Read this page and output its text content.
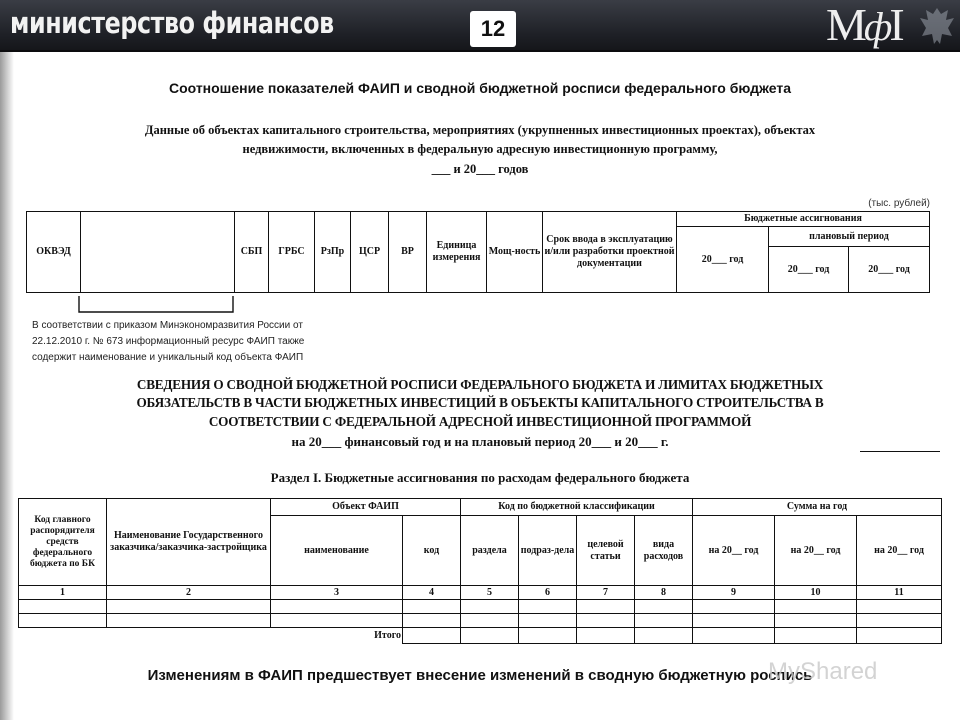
министерство финансов	12	МфІ
Соотношение показателей ФАИП и сводной бюджетной росписи федерального бюджета
Данные об объектах капитального строительства, мероприятиях (укрупненных инвестиционных проектах), объектах
недвижимости, включенных в федеральную адресную инвестиционную программу,
___ и 20___ годов
(тыс. рублей)
ОКВЭД		СБП	ГРБС	РзПр	ЦСР	ВР	Единица измерения	Мощ-ность	Срок ввода в эксплуатацию и/или разработки проектной документации	Бюджетные ассигнования		
										20___ год	плановый период	
											20___ год	20___ год
В соответствии с приказом Минэкономразвития России от
22.12.2010 г. № 673 информационный ресурс ФАИП также
содержит наименование и уникальный код объекта ФАИП
СВЕДЕНИЯ О СВОДНОЙ БЮДЖЕТНОЙ РОСПИСИ ФЕДЕРАЛЬНОГО БЮДЖЕТА И ЛИМИТАХ БЮДЖЕТНЫХ
ОБЯЗАТЕЛЬСТВ В ЧАСТИ БЮДЖЕТНЫХ ИНВЕСТИЦИЙ В ОБЪЕКТЫ КАПИТАЛЬНОГО СТРОИТЕЛЬСТВА В
СООТВЕТСТВИИ С ФЕДЕРАЛЬНОЙ АДРЕСНОЙ ИНВЕСТИЦИОННОЙ ПРОГРАММОЙ
на 20___ финансовый год и на плановый период 20___ и 20___ г.
Раздел I. Бюджетные ассигнования по расходам федерального бюджета
Код главного распорядителя средств федерального бюджета по БК	Наименование Государственного заказчика/заказчика-застройщика	Объект ФАИП		Код по бюджетной классификации				Сумма на год		
		наименование	код	раздела	подраз-дела	целевой статьи	вида расходов	на 20__ год	на 20__ год	на 20__ год
1	2	3	4	5	6	7	8	9	10	11

Итого										
Изменениям в ФАИП предшествует внесение изменений в сводную бюджетную роспись
MyShared
